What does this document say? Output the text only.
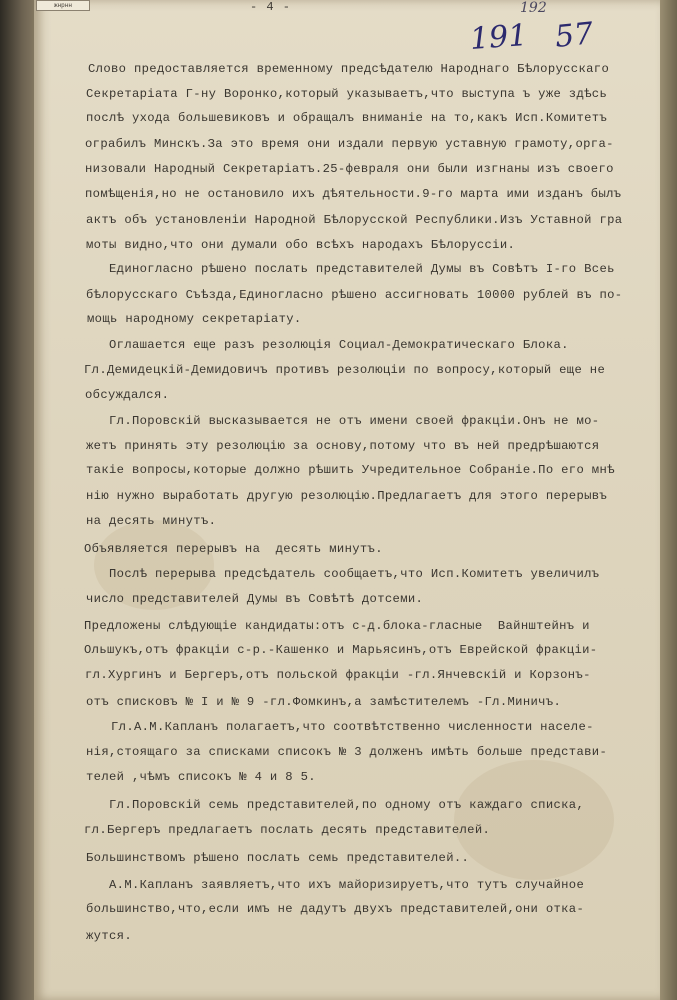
жнрнн	- 4 -	192
191 57
Слово предоставляется временному предсѣдателю Народнаго Бѣлорусскаго
Секретаріата Г-ну Воронко,который указываетъ,что выступа ъ уже здѣсь
послѣ ухода большевиковъ и обращалъ вниманіе на то,какъ Исп.Комитетъ
ограбилъ Минскъ.За это время они издали первую уставную грамоту,орга-
низовали Народный Секретаріатъ.25-февраля они были изгнаны изъ своего
помѣщенія,но не остановило ихъ дѣятельности.9-го марта ими изданъ былъ
актъ объ установленіи Народной Бѣлорусской Республики.Изъ Уставной гра
моты видно,что они думали обо всѣхъ народахъ Бѣлоруссіи.
Единогласно рѣшено послать представителей Думы въ Совѣтъ I-го Всеь
бѣлорусскаго Съѣзда,Единогласно рѣшено ассигновать 10000 рублей въ по-
мощь народному секретаріату.
Оглашается еще разъ резолюція Социал-Демократическаго Блока.
Гл.Демидецкій-Демидовичъ противъ резолюціи по вопросу,который еще не
обсуждался.
Гл.Поровскій высказывается не отъ имени своей фракціи.Онъ не мо-
жетъ принять эту резолюцію за основу,потому что въ ней предрѣшаются
такіе вопросы,которые должно рѣшить Учредительное Собраніе.По его мнѣ
нію нужно выработать другую резолюцію.Предлагаетъ для этого перерывъ
на десять минутъ.
Объявляется перерывъ на  десять минутъ.
Послѣ перерыва предсѣдатель сообщаетъ,что Исп.Комитетъ увеличилъ
число представителей Думы въ Совѣтѣ дотсеми.
Предложены слѣдующіе кандидаты:отъ с-д.блока-гласные  Вайнштейнъ и
Ольшукъ,отъ фракціи с-р.-Кашенко и Марьясинъ,отъ Еврейской фракціи-
гл.Хургинъ и Бергеръ,отъ польской фракціи -гл.Янчевскій и Корзонъ-
отъ списковъ № I и № 9 -гл.Фомкинъ,а замѣстителемъ -Гл.Миничъ.
Гл.А.М.Капланъ полагаетъ,что соотвѣтственно численности населе-
нія,стоящаго за списками списокъ № 3 долженъ имѣть больше представи-
телей ,чѣмъ списокъ № 4 и 8 5.
Гл.Поровскій семь представителей,по одному отъ каждаго списка,
гл.Бергеръ предлагаетъ послать десять представителей.
Большинствомъ рѣшено послать семь представителей..
А.М.Капланъ заявляетъ,что ихъ майоризируетъ,что тутъ случайное
большинство,что,если имъ не дадутъ двухъ представителей,они отка-
жутся.
